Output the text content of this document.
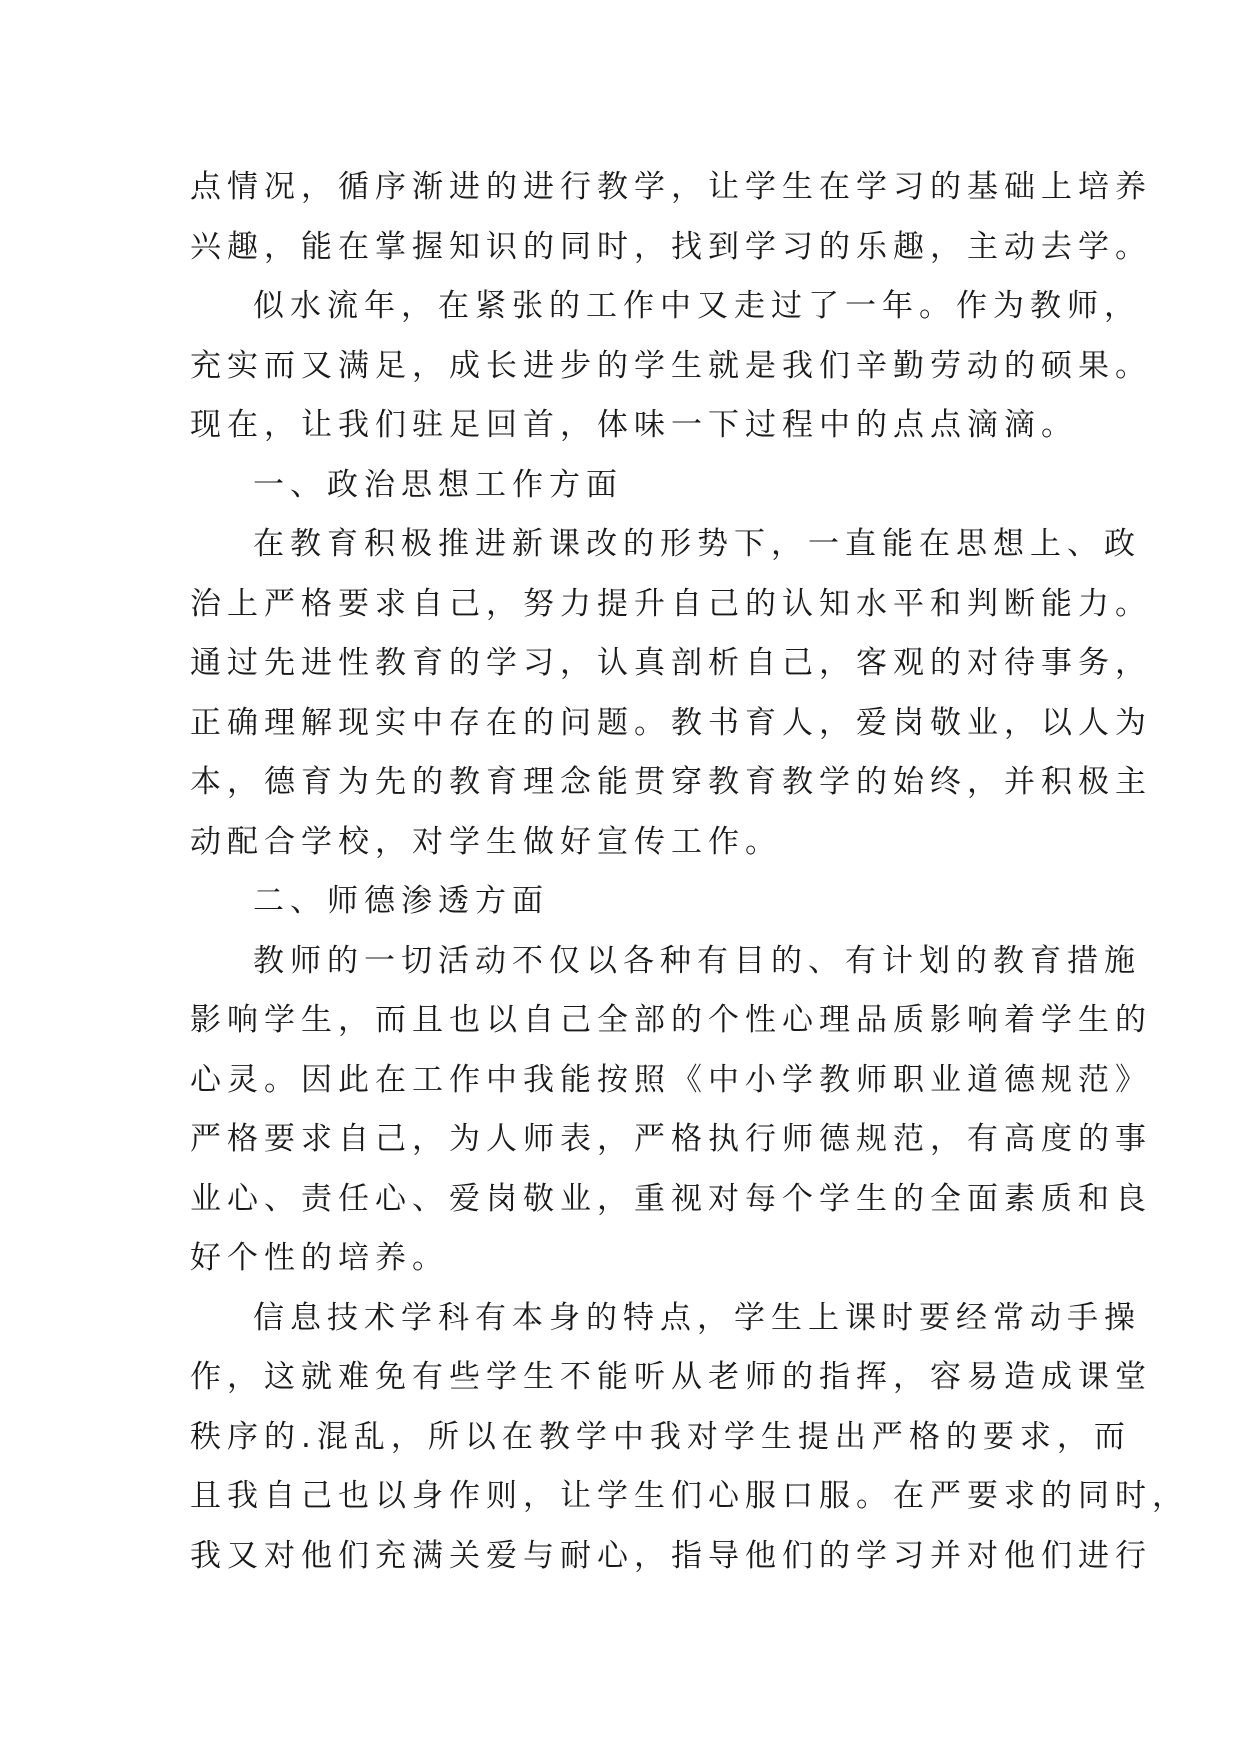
点情况，循序渐进的进行教学，让学生在学习的基础上培养
兴趣，能在掌握知识的同时，找到学习的乐趣，主动去学。
似水流年，在紧张的工作中又走过了一年。作为教师，
充实而又满足，成长进步的学生就是我们辛勤劳动的硕果。
现在，让我们驻足回首，体味一下过程中的点点滴滴。
一、政治思想工作方面
在教育积极推进新课改的形势下，一直能在思想上、政
治上严格要求自己，努力提升自己的认知水平和判断能力。
通过先进性教育的学习，认真剖析自己，客观的对待事务，
正确理解现实中存在的问题。教书育人，爱岗敬业，以人为
本，德育为先的教育理念能贯穿教育教学的始终，并积极主
动配合学校，对学生做好宣传工作。
二、师德渗透方面
教师的一切活动不仅以各种有目的、有计划的教育措施
影响学生，而且也以自己全部的个性心理品质影响着学生的
心灵。因此在工作中我能按照《中小学教师职业道德规范》
严格要求自己，为人师表，严格执行师德规范，有高度的事
业心、责任心、爱岗敬业，重视对每个学生的全面素质和良
好个性的培养。
信息技术学科有本身的特点，学生上课时要经常动手操
作，这就难免有些学生不能听从老师的指挥，容易造成课堂
秩序的.混乱，所以在教学中我对学生提出严格的要求，而
且我自己也以身作则，让学生们心服口服。在严要求的同时，
我又对他们充满关爱与耐心，指导他们的学习并对他们进行
